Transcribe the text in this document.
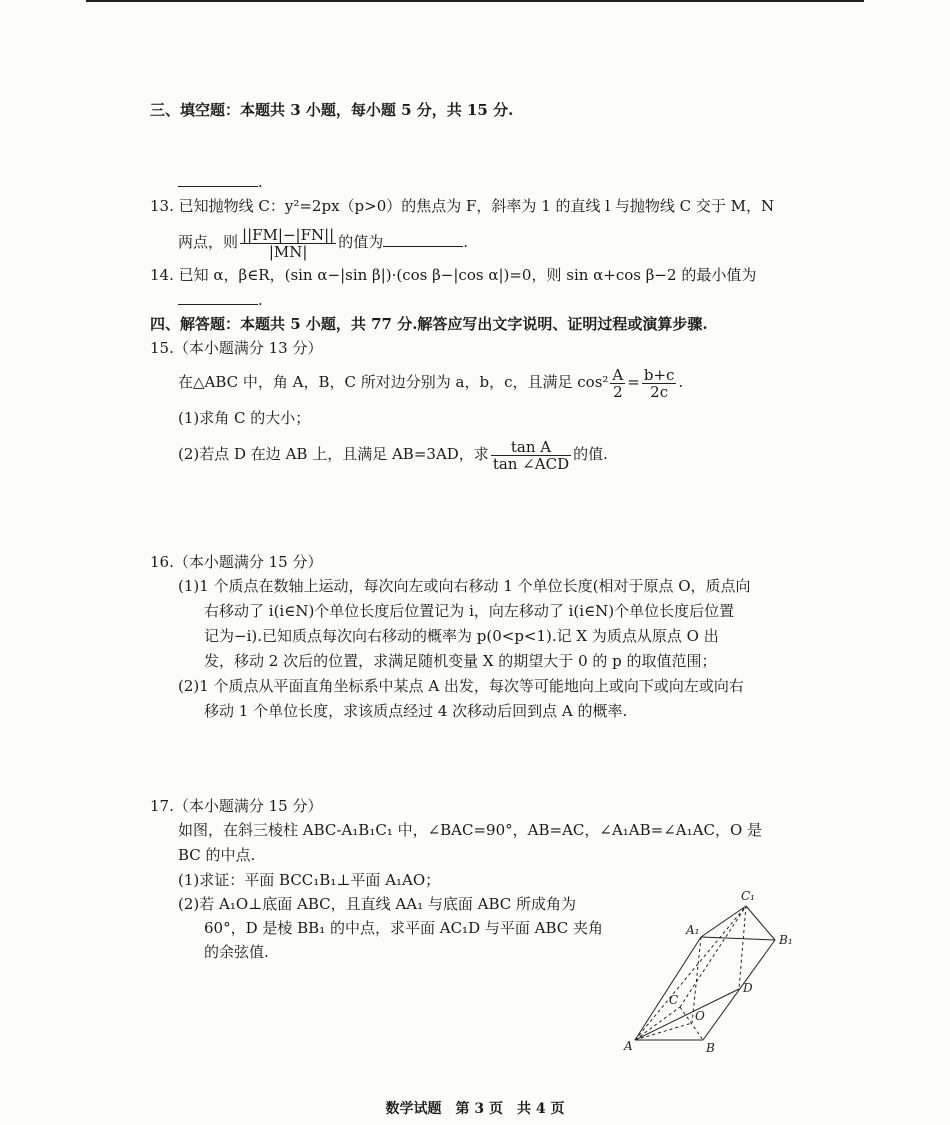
三、填空题：本题共 3 小题，每小题 5 分，共 15 分.
.
13. 已知抛物线 C：y²=2px（p>0）的焦点为 F，斜率为 1 的直线 l 与抛物线 C 交于 M，N
两点，则 $\frac{||FM|-|FN||}{|MN|}$ 的值为	.
14. 已知 α，β∈R，(sin α−|sin β|)·(cos β−|cos α|)=0，则 sin α+cos β−2 的最小值为
.
四、解答题：本题共 5 小题，共 77 分.解答应写出文字说明、证明过程或演算步骤.
15.（本小题满分 13 分）
在△ABC 中，角 A，B，C 所对边分别为 a，b，c，且满足 $\cos^2 \frac{A}{2} = \frac{b+c}{2c}$ .
(1)求角 C 的大小；
(2)若点 D 在边 AB 上，且满足 AB=3AD，求 $\frac{\text{tan A}}{\text{tan ∠ACD}}$ 的值.
16.（本小题满分 15 分）
(1)1 个质点在数轴上运动，每次向左或向右移动 1 个单位长度(相对于原点 O，质点向
右移动了 i(i∈N)个单位长度后位置记为 i，向左移动了 i(i∈N)个单位长度后位置
记为−i).已知质点每次向右移动的概率为 p(0<p<1).记 X 为质点从原点 O 出
发，移动 2 次后的位置，求满足随机变量 X 的期望大于 0 的 p 的取值范围；
(2)1 个质点从平面直角坐标系中某点 A 出发，每次等可能地向上或向下或向左或向右
移动 1 个单位长度，求该质点经过 4 次移动后回到点 A 的概率.
17.（本小题满分 15 分）
如图，在斜三棱柱 ABC-A₁B₁C₁ 中，∠BAC=90°，AB=AC，∠A₁AB=∠A₁AC，O 是
BC 的中点.
(1)求证：平面 BCC₁B₁⊥平面 A₁AO；
(2)若 A₁O⊥底面 ABC，且直线 AA₁ 与底面 ABC 所成角为
60°，D 是棱 BB₁ 的中点，求平面 AC₁D 与平面 ABC 夹角
的余弦值.
A	B
C
O
D
A₁
B₁
C₁
数学试题　第 3 页　共 4 页
